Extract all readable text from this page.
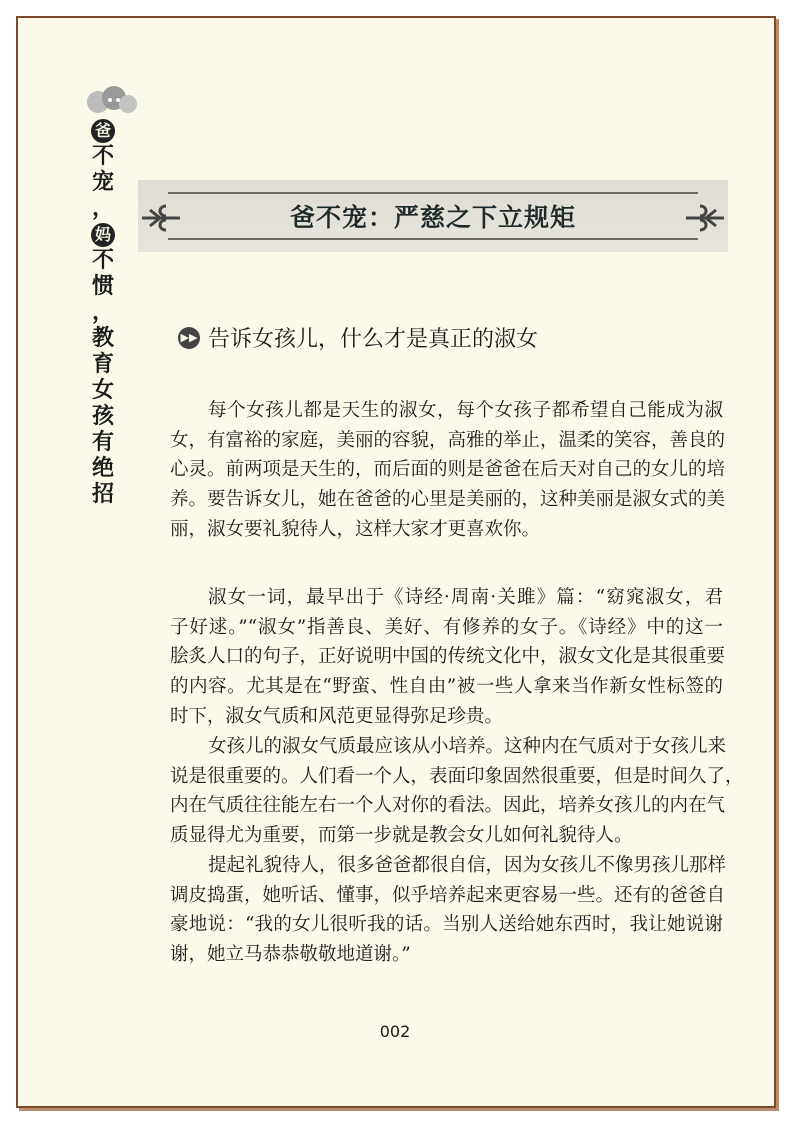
爸
不
宠
，
妈
不
惯
，
教
育
女
孩
有
绝
招
爸不宠：严慈之下立规矩
▶▶ 告诉女孩儿，什么才是真正的淑女
每个女孩儿都是天生的淑女，每个女孩子都希望自己能成为淑
女，有富裕的家庭，美丽的容貌，高雅的举止，温柔的笑容，善良的
心灵。前两项是天生的，而后面的则是爸爸在后天对自己的女儿的培
养。要告诉女儿，她在爸爸的心里是美丽的，这种美丽是淑女式的美
丽，淑女要礼貌待人，这样大家才更喜欢你。
淑女一词，最早出于《诗经·周南·关雎》篇：“窈窕淑女，君
子好逑。”“淑女”指善良、美好、有修养的女子。《诗经》中的这一
脍炙人口的句子，正好说明中国的传统文化中，淑女文化是其很重要
的内容。尤其是在“野蛮、性自由”被一些人拿来当作新女性标签的
时下，淑女气质和风范更显得弥足珍贵。
女孩儿的淑女气质最应该从小培养。这种内在气质对于女孩儿来
说是很重要的。人们看一个人，表面印象固然很重要，但是时间久了，
内在气质往往能左右一个人对你的看法。因此，培养女孩儿的内在气
质显得尤为重要，而第一步就是教会女儿如何礼貌待人。
提起礼貌待人，很多爸爸都很自信，因为女孩儿不像男孩儿那样
调皮捣蛋，她听话、懂事，似乎培养起来更容易一些。还有的爸爸自
豪地说：“我的女儿很听我的话。当别人送给她东西时，我让她说谢
谢，她立马恭恭敬敬地道谢。”
002
